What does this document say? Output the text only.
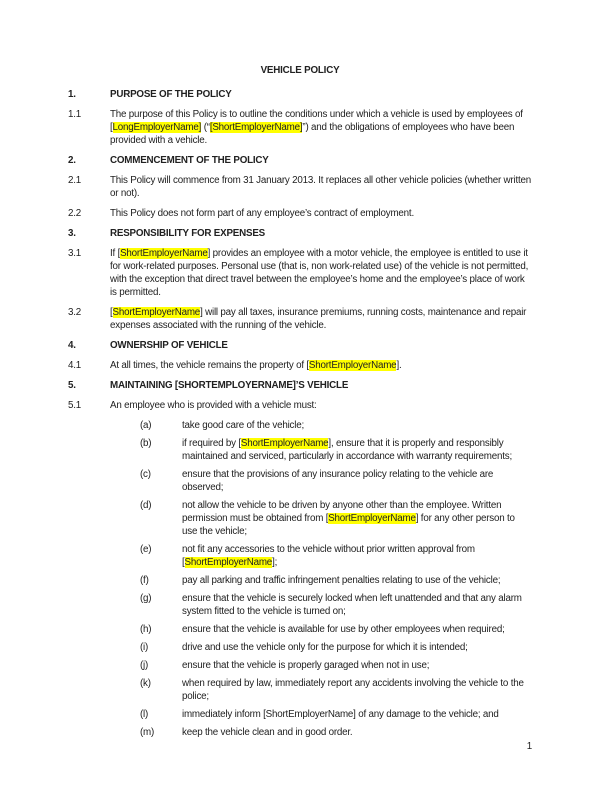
VEHICLE POLICY
1.	PURPOSE OF THE POLICY
1.1	The purpose of this Policy is to outline the conditions under which a vehicle is used by employees of [LongEmployerName] (“[ShortEmployerName]”) and the obligations of employees who have been provided with a vehicle.
2.	COMMENCEMENT OF THE POLICY
2.1	This Policy will commence from 31 January 2013. It replaces all other vehicle policies (whether written or not).
2.2	This Policy does not form part of any employee’s contract of employment.
3.	RESPONSIBILITY FOR EXPENSES
3.1	If [ShortEmployerName] provides an employee with a motor vehicle, the employee is entitled to use it for work-related purposes. Personal use (that is, non work-related use) of the vehicle is not permitted, with the exception that direct travel between the employee’s home and the employee’s place of work is permitted.
3.2	[ShortEmployerName] will pay all taxes, insurance premiums, running costs, maintenance and repair expenses associated with the running of the vehicle.
4.	OWNERSHIP OF VEHICLE
4.1	At all times, the vehicle remains the property of [ShortEmployerName].
5.	MAINTAINING [SHORTEMPLOYERNAME]’S VEHICLE
5.1	An employee who is provided with a vehicle must:
(a)	take good care of the vehicle;
(b)	if required by [ShortEmployerName], ensure that it is properly and responsibly maintained and serviced, particularly in accordance with warranty requirements;
(c)	ensure that the provisions of any insurance policy relating to the vehicle are observed;
(d)	not allow the vehicle to be driven by anyone other than the employee. Written permission must be obtained from [ShortEmployerName] for any other person to use the vehicle;
(e)	not fit any accessories to the vehicle without prior written approval from [ShortEmployerName];
(f)	pay all parking and traffic infringement penalties relating to use of the vehicle;
(g)	ensure that the vehicle is securely locked when left unattended and that any alarm system fitted to the vehicle is turned on;
(h)	ensure that the vehicle is available for use by other employees when required;
(i)	drive and use the vehicle only for the purpose for which it is intended;
(j)	ensure that the vehicle is properly garaged when not in use;
(k)	when required by law, immediately report any accidents involving the vehicle to the police;
(l)	immediately inform [ShortEmployerName] of any damage to the vehicle; and
(m)	keep the vehicle clean and in good order.
1
